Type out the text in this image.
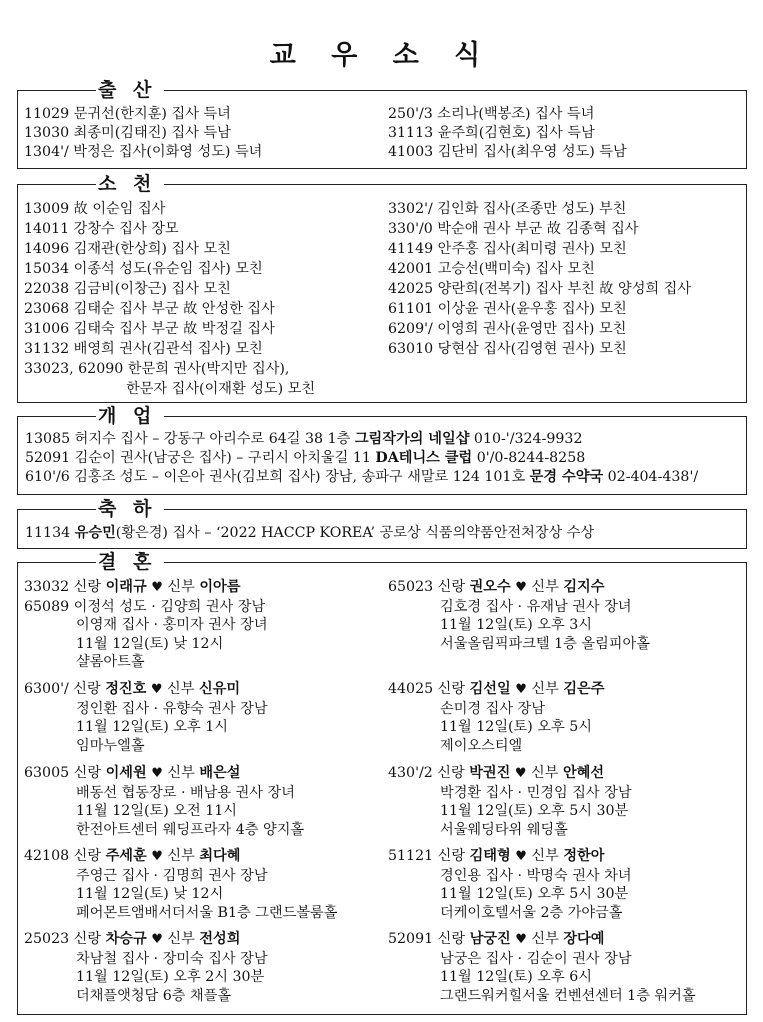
교 우 소 식
출 산
11029 문귀선(한지훈) 집사 득녀
13030 최종미(김태진) 집사 득남
1304'/ 박정은 집사(이화영 성도) 득녀
250'/3 소리나(백봉조) 집사 득녀
31113 윤주희(김현호) 집사 득남
41003 김단비 집사(최우영 성도) 득남
소 천
13009 故 이순임 집사
14011 강창수 집사 장모
14096 김재관(한상희) 집사 모친
15034 이종석 성도(유순임 집사) 모친
22038 김금비(이창근) 집사 모친
23068 김태순 집사 부군 故 안성한 집사
31006 김태숙 집사 부군 故 박정길 집사
31132 배영희 권사(김관석 집사) 모친
33023, 62090 한문희 권사(박지만 집사),
한문자 집사(이재환 성도) 모친
3302'/ 김인화 집사(조종만 성도) 부친
330'/0 박순애 권사 부군 故 김종혁 집사
41149 안주홍 집사(최미령 권사) 모친
42001 고승선(백미숙) 집사 모친
42025 양란희(전복기) 집사 부친 故 양성희 집사
61101 이상윤 권사(윤우홍 집사) 모친
6209'/ 이영희 권사(윤영만 집사) 모친
63010 당현삼 집사(김영현 권사) 모친
개 업
13085 허지수 집사 – 강동구 아리수로 64길 38 1층 그림작가의 네일샵 010-'/324-9932
52091 김순이 권사(남궁은 집사) – 구리시 아치울길 11 DA테니스 클럽 0'/0-8244-8258
610'/6 김홍조 성도 – 이은아 권사(김보희 집사) 장남, 송파구 새말로 124 101호 문경 수약국 02-404-438'/
축 하
11134 유승민(황은경) 집사 – ‘2022 HACCP KOREA’ 공로상 식품의약품안전처장상 수상
결 혼
33032 신랑 이래규 ♥ 신부 이아름
65089 이정석 성도 · 김양희 권사 장남
이영재 집사 · 홍미자 권사 장녀
11월 12일(토) 낮 12시
샬롬아트홀
6300'/ 신랑 정진호 ♥ 신부 신유미
정인환 집사 · 유향숙 권사 장남
11월 12일(토) 오후 1시
임마누엘홀
63005 신랑 이세원 ♥ 신부 배은설
배동선 협동장로 · 배남용 권사 장녀
11월 12일(토) 오전 11시
한전아트센터 웨딩프라자 4층 양지홀
42108 신랑 주세훈 ♥ 신부 최다혜
주영근 집사 · 김명희 권사 장남
11월 12일(토) 낮 12시
페어몬트앰배서더서울 B1층 그랜드볼룸홀
25023 신랑 차승규 ♥ 신부 전성희
차남철 집사 · 장미숙 집사 장남
11월 12일(토) 오후 2시 30분
더채플앳청담 6층 채플홀
65023 신랑 권오수 ♥ 신부 김지수
김호경 집사 · 유재남 권사 장녀
11월 12일(토) 오후 3시
서울올림픽파크텔 1층 올림피아홀
44025 신랑 김선일 ♥ 신부 김은주
손미경 집사 장남
11월 12일(토) 오후 5시
제이오스티엘
430'/2 신랑 박권진 ♥ 신부 안혜선
박경환 집사 · 민경임 집사 장남
11월 12일(토) 오후 5시 30분
서울웨딩타위 웨딩홀
51121 신랑 김태형 ♥ 신부 정한아
경인용 집사 · 박명숙 권사 차녀
11월 12일(토) 오후 5시 30분
더케이호텔서울 2층 가야금홀
52091 신랑 남궁진 ♥ 신부 장다예
남궁은 집사 · 김순이 권사 장남
11월 12일(토) 오후 6시
그랜드워커힐서울 컨벤션센터 1층 워커홀
